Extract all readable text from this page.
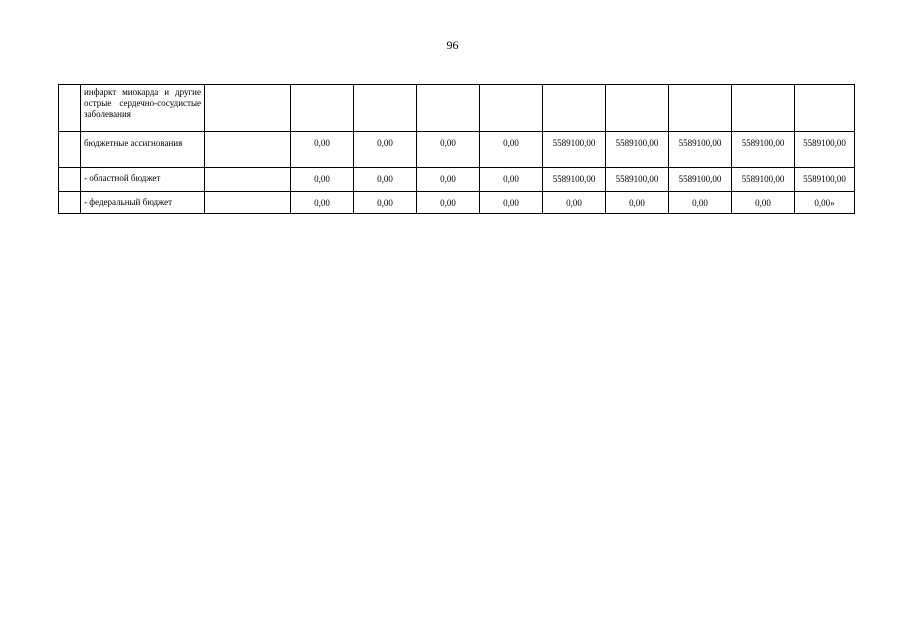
96
	инфаркт миокарда и другие острые сердечно-сосудистые заболевания										
	бюджетные ассигнования		0,00	0,00	0,00	0,00	5589100,00	5589100,00	5589100,00	5589100,00	5589100,00
	- областной бюджет		0,00	0,00	0,00	0,00	5589100,00	5589100,00	5589100,00	5589100,00	5589100,00
	- федеральный бюджет		0,00	0,00	0,00	0,00	0,00	0,00	0,00	0,00	0,00»
